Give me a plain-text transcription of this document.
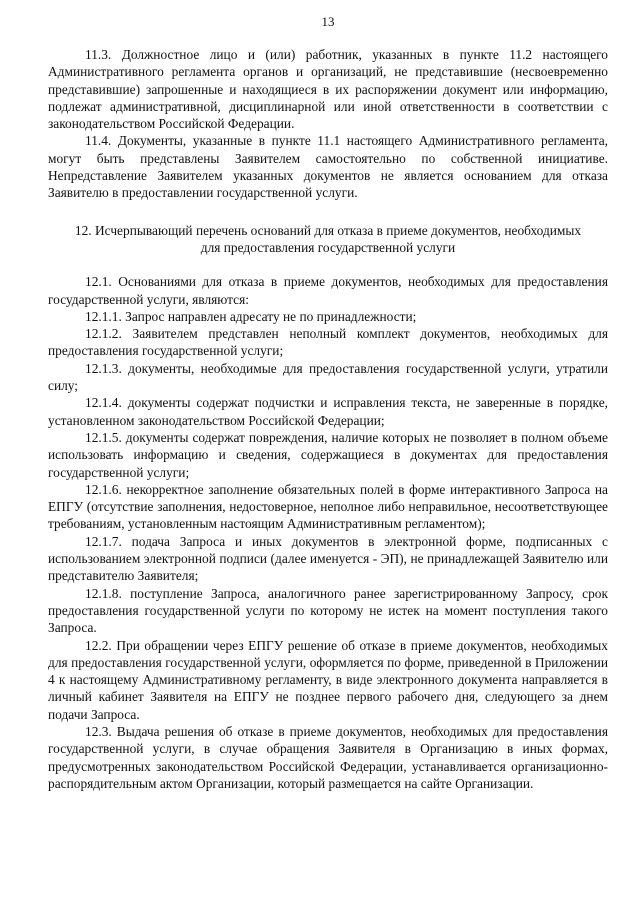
13

11.3. Должностное лицо и (или) работник, указанных в пункте 11.2 настоящего Административного регламента органов и организаций, не представившие (несвоевременно представившие) запрошенные и находящиеся в их распоряжении документ или информацию, подлежат административной, дисциплинарной или иной ответственности в соответствии с законодательством Российской Федерации.

11.4. Документы, указанные в пункте 11.1 настоящего Административного регламента, могут быть представлены Заявителем самостоятельно по собственной инициативе. Непредставление Заявителем указанных документов не является основанием для отказа Заявителю в предоставлении государственной услуги.

12. Исчерпывающий перечень оснований для отказа в приеме документов, необходимых для предоставления государственной услуги

12.1. Основаниями для отказа в приеме документов, необходимых для предоставления государственной услуги, являются:

12.1.1. Запрос направлен адресату не по принадлежности;

12.1.2. Заявителем представлен неполный комплект документов, необходимых для предоставления государственной услуги;

12.1.3. документы, необходимые для предоставления государственной услуги, утратили силу;

12.1.4. документы содержат подчистки и исправления текста, не заверенные в порядке, установленном законодательством Российской Федерации;

12.1.5. документы содержат повреждения, наличие которых не позволяет в полном объеме использовать информацию и сведения, содержащиеся в документах для предоставления государственной услуги;

12.1.6. некорректное заполнение обязательных полей в форме интерактивного Запроса на ЕПГУ (отсутствие заполнения, недостоверное, неполное либо неправильное, несоответствующее требованиям, установленным настоящим Административным регламентом);

12.1.7. подача Запроса и иных документов в электронной форме, подписанных с использованием электронной подписи (далее именуется - ЭП), не принадлежащей Заявителю или представителю Заявителя;

12.1.8. поступление Запроса, аналогичного ранее зарегистрированному Запросу, срок предоставления государственной услуги по которому не истек на момент поступления такого Запроса.

12.2. При обращении через ЕПГУ решение об отказе в приеме документов, необходимых для предоставления государственной услуги, оформляется по форме, приведенной в Приложении 4 к настоящему Административному регламенту, в виде электронного документа направляется в личный кабинет Заявителя на ЕПГУ не позднее первого рабочего дня, следующего за днем подачи Запроса.

12.3. Выдача решения об отказе в приеме документов, необходимых для предоставления государственной услуги, в случае обращения Заявителя в Организацию в иных формах, предусмотренных законодательством Российской Федерации, устанавливается организационно-распорядительным актом Организации, который размещается на сайте Организации.
